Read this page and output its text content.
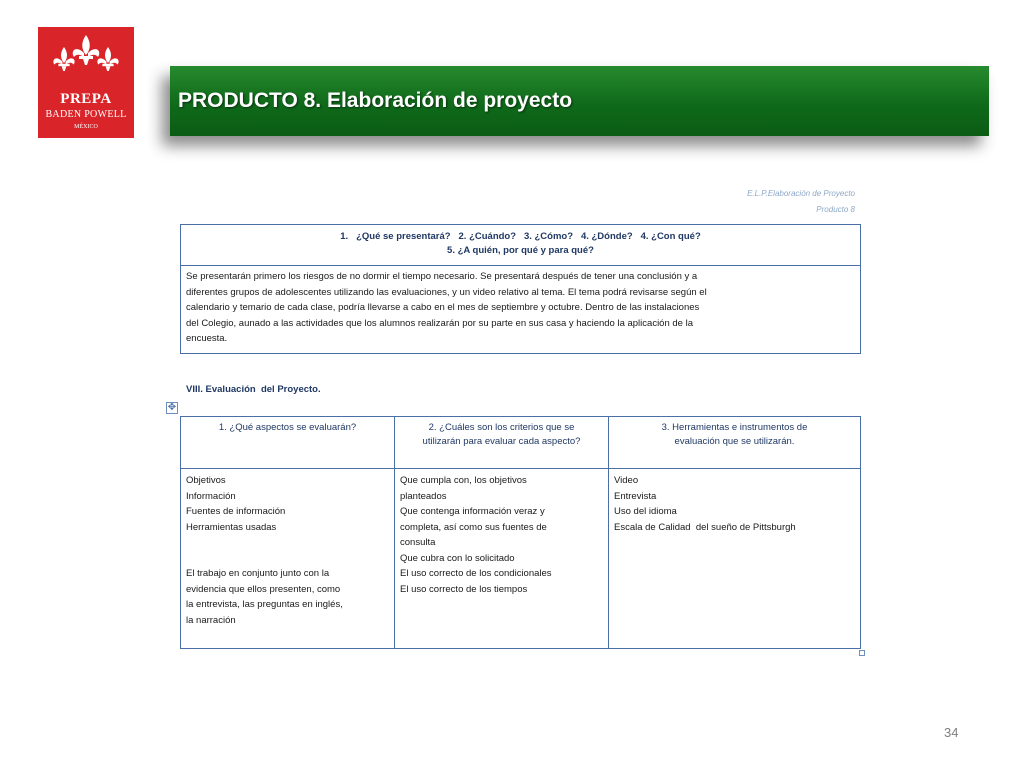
PREPA
BADEN POWELL
MÉXICO
PRODUCTO 8. Elaboración de proyecto
E.L.P.Elaboración de Proyecto
Producto 8
1.   ¿Qué se presentará?   2. ¿Cuándo?   3. ¿Cómo?   4. ¿Dónde?   4. ¿Con qué?
5. ¿A quién, por qué y para qué?
Se presentarán primero los riesgos de no dormir el tiempo necesario. Se presentará después de tener una conclusión y a
diferentes grupos de adolescentes utilizando las evaluaciones, y un video relativo al tema. El tema podrá revisarse según el
calendario y temario de cada clase, podría llevarse a cabo en el mes de septiembre y octubre. Dentro de las instalaciones
del Colegio, aunado a las actividades que los alumnos realizarán por su parte en sus casa y haciendo la aplicación de la
encuesta.
VIII. Evaluación  del Proyecto.
✥
1. ¿Qué aspectos se evaluarán?	2. ¿Cuáles son los criterios que se
utilizarán para evaluar cada aspecto?
3. Herramientas e instrumentos de
evaluación que se utilizarán.
Objetivos
Información
Fuentes de información
Herramientas usadas
El trabajo en conjunto junto con la
evidencia que ellos presenten, como
la entrevista, las preguntas en inglés,
la narración
Que cumpla con, los objetivos
planteados
Que contenga información veraz y
completa, así como sus fuentes de
consulta
Que cubra con lo solicitado
El uso correcto de los condicionales
El uso correcto de los tiempos
Video
Entrevista
Uso del idioma
Escala de Calidad  del sueño de Pittsburgh
34
